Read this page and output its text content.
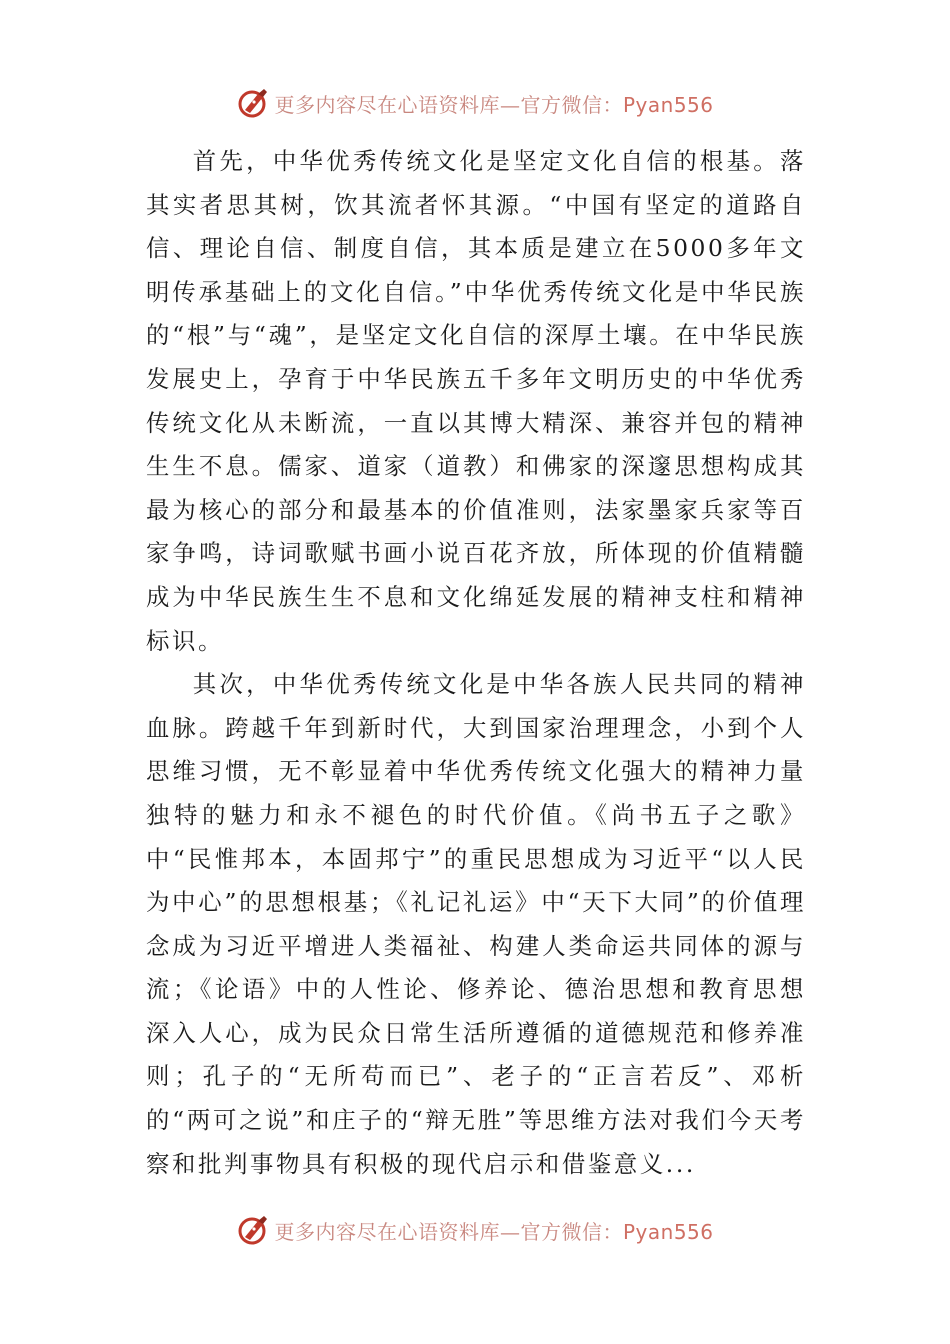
更多内容尽在心语资料库—官方微信：Pyan556

首先，中华优秀传统文化是坚定文化自信的根基。落其实者思其树，饮其流者怀其源。“中国有坚定的道路自信、理论自信、制度自信，其本质是建立在5000多年文明传承基础上的文化自信。”中华优秀传统文化是中华民族的“根”与“魂”，是坚定文化自信的深厚土壤。在中华民族发展史上，孕育于中华民族五千多年文明历史的中华优秀传统文化从未断流，一直以其博大精深、兼容并包的精神生生不息。儒家、道家（道教）和佛家的深邃思想构成其最为核心的部分和最基本的价值准则，法家墨家兵家等百家争鸣，诗词歌赋书画小说百花齐放，所体现的价值精髓成为中华民族生生不息和文化绵延发展的精神支柱和精神标识。

其次，中华优秀传统文化是中华各族人民共同的精神血脉。跨越千年到新时代，大到国家治理理念，小到个人思维习惯，无不彰显着中华优秀传统文化强大的精神力量独特的魅力和永不褪色的时代价值。《尚书五子之歌》中“民惟邦本，本固邦宁”的重民思想成为习近平“以人民为中心”的思想根基；《礼记礼运》中“天下大同”的价值理念成为习近平增进人类福祉、构建人类命运共同体的源与流；《论语》中的人性论、修养论、德治思想和教育思想深入人心，成为民众日常生活所遵循的道德规范和修养准则；孔子的“无所苟而已”、老子的“正言若反”、邓析的“两可之说”和庄子的“辩无胜”等思维方法对我们今天考察和批判事物具有积极的现代启示和借鉴意义...

更多内容尽在心语资料库—官方微信：Pyan556
